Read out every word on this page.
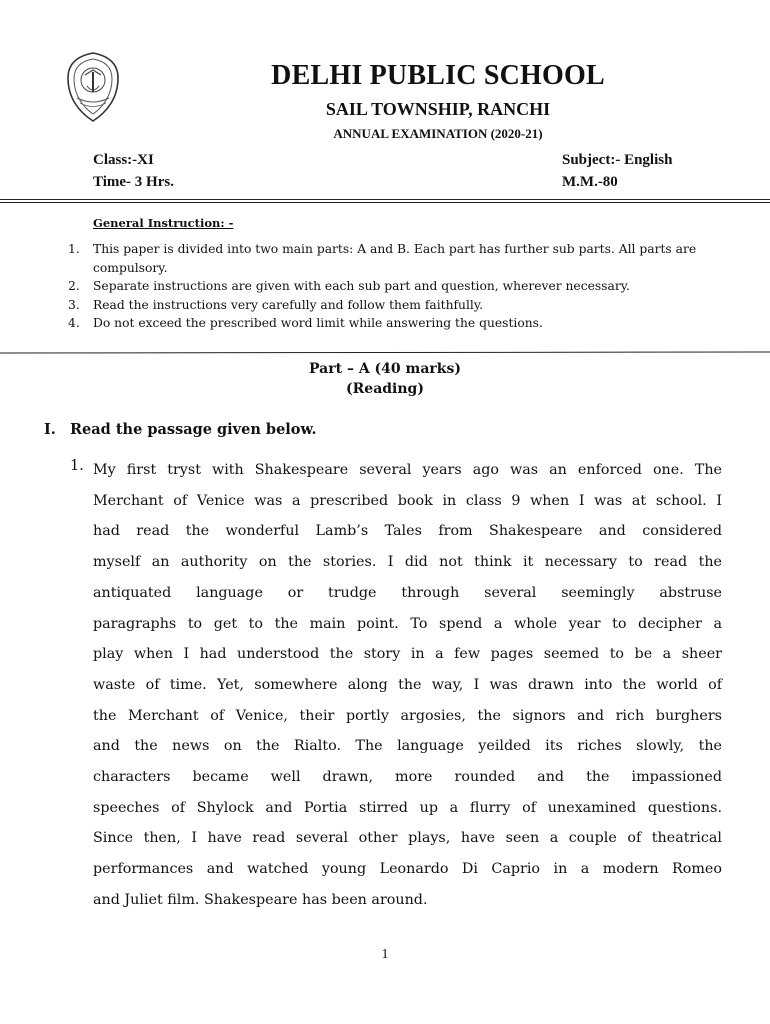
DELHI PUBLIC SCHOOL
SAIL TOWNSHIP, RANCHI
ANNUAL EXAMINATION (2020-21)
Class:-XI	Subject:- English
Time- 3 Hrs.	M.M.-80
General Instruction: -
1. This paper is divided into two main parts: A and B. Each part has further sub parts. All parts are compulsory.
2. Separate instructions are given with each sub part and question, wherever necessary.
3. Read the instructions very carefully and follow them faithfully.
4. Do not exceed the prescribed word limit while answering the questions.
Part – A (40 marks)
(Reading)
I. Read the passage given below.
1. My first tryst with Shakespeare several years ago was an enforced one. The
Merchant of Venice was a prescribed book in class 9 when I was at school. I
had read the wonderful Lamb’s Tales from Shakespeare and considered
myself an authority on the stories. I did not think it necessary to read the
antiquated language or trudge through several seemingly abstruse
paragraphs to get to the main point. To spend a whole year to decipher a
play when I had understood the story in a few pages seemed to be a sheer
waste of time. Yet, somewhere along the way, I was drawn into the world of
the Merchant of Venice, their portly argosies, the signors and rich burghers
and the news on the Rialto. The language yeilded its riches slowly, the
characters became well drawn, more rounded and the impassioned
speeches of Shylock and Portia stirred up a flurry of unexamined questions.
Since then, I have read several other plays, have seen a couple of theatrical
performances and watched young Leonardo Di Caprio in a modern Romeo
and Juliet film. Shakespeare has been around.
1
